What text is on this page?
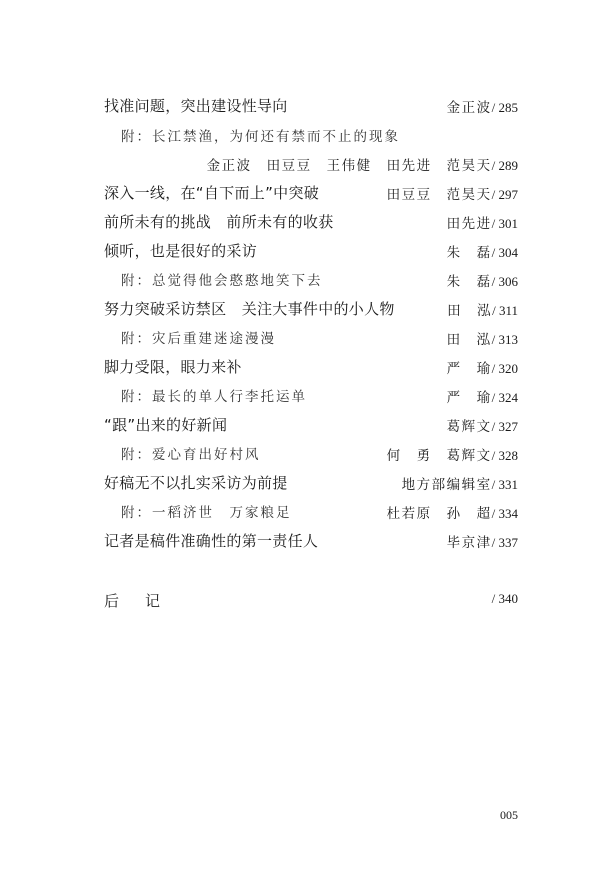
找准问题，突出建设性导向	金正波/ 285
附：长江禁渔，为何还有禁而不止的现象
金正波　田豆豆　王伟健　田先进　范昊天/ 289
深入一线，在“自下而上”中突破	田豆豆　范昊天/ 297
前所未有的挑战　前所未有的收获	田先进/ 301
倾听，也是很好的采访	朱　磊/ 304
附：总觉得他会憨憨地笑下去	朱　磊/ 306
努力突破采访禁区　关注大事件中的小人物	田　泓/ 311
附：灾后重建迷途漫漫	田　泓/ 313
脚力受限，眼力来补	严　瑜/ 320
附：最长的单人行李托运单	严　瑜/ 324
“跟”出来的好新闻	葛辉文/ 327
附：爱心育出好村风	何　勇　葛辉文/ 328
好稿无不以扎实采访为前提	地方部编辑室/ 331
附：一稻济世　万家粮足	杜若原　孙　超/ 334
记者是稿件准确性的第一责任人	毕京津/ 337
后 记	/ 340
005
